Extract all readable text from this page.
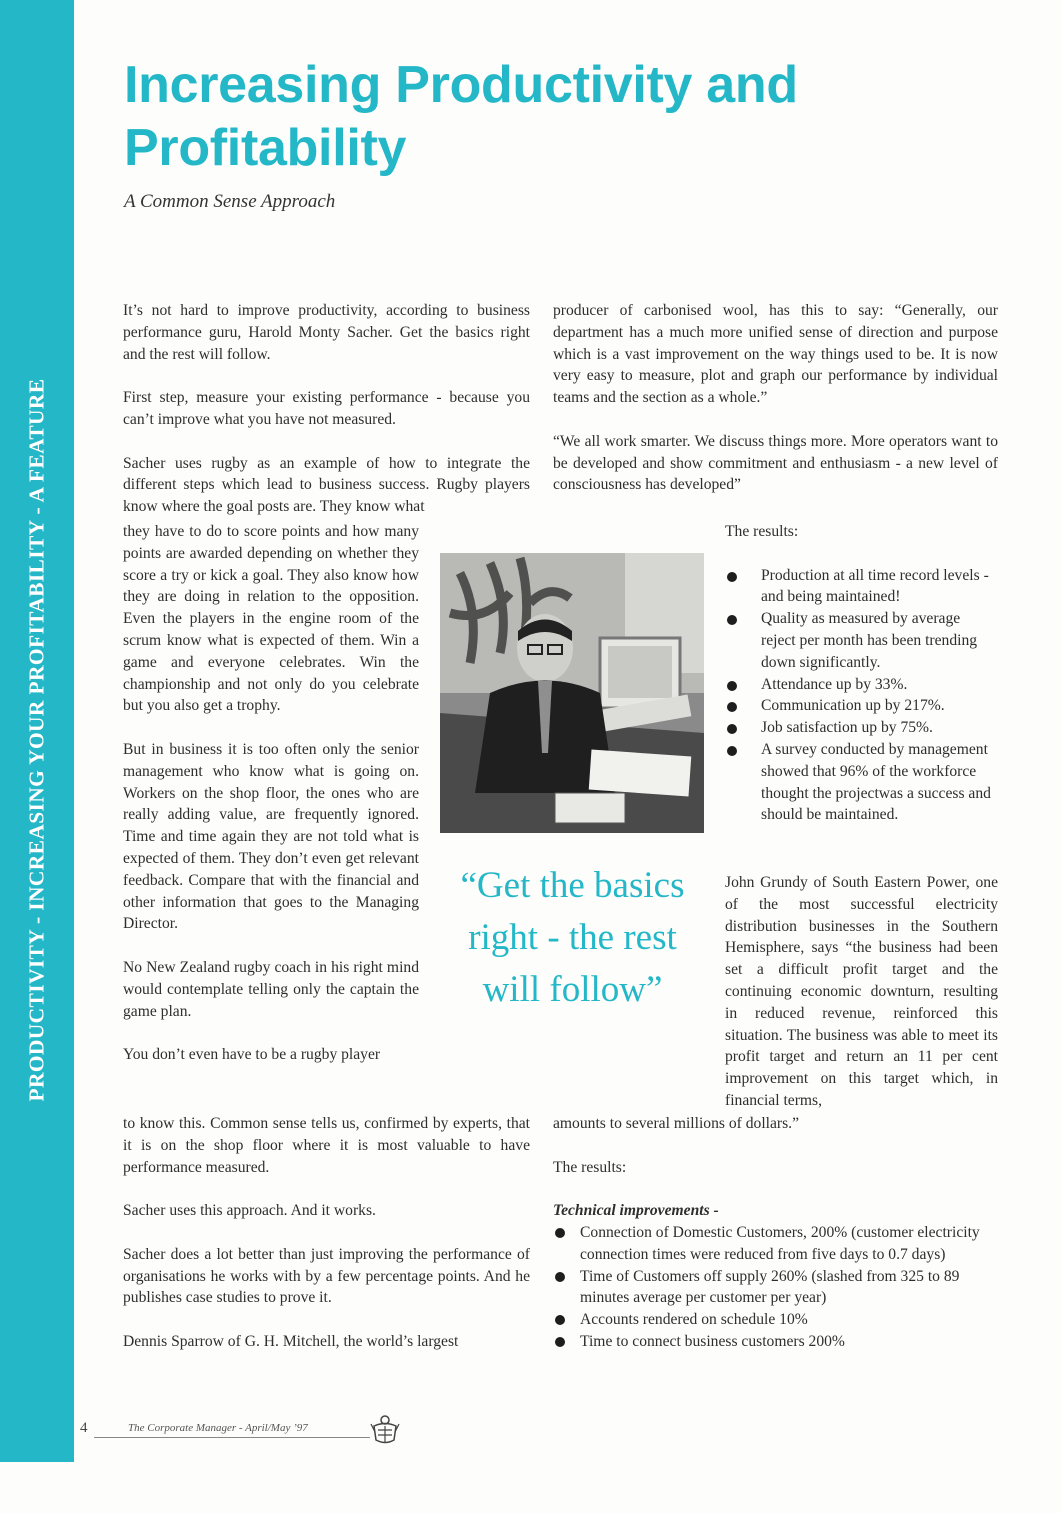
PRODUCTIVITY - INCREASING YOUR PROFITABILITY - A FEATURE
Increasing Productivity and Profitability
A Common Sense Approach

It’s not hard to improve productivity, according to business performance guru, Harold Monty Sacher. Get the basics right and the rest will follow.

First step, measure your existing performance - because you can’t improve what you have not measured.

Sacher uses rugby as an example of how to integrate the different steps which lead to business success. Rugby players know where the goal posts are. They know what

they have to do to score points and how many points are awarded depending on whether they score a try or kick a goal. They also know how they are doing in relation to the opposition. Even the players in the engine room of the scrum know what is expected of them. Win a game and everyone celebrates. Win the championship and not only do you celebrate but you also get a trophy.

But in business it is too often only the senior management who know what is going on. Workers on the shop floor, the ones who are really adding value, are frequently ignored. Time and time again they are not told what is expected of them. They don’t even get relevant feedback. Compare that with the financial and other information that goes to the Managing Director.

No New Zealand rugby coach in his right mind would contemplate telling only the captain the game plan.

You don’t even have to be a rugby player

to know this. Common sense tells us, confirmed by experts, that it is on the shop floor where it is most valuable to have performance measured.

Sacher uses this approach. And it works.

Sacher does a lot better than just improving the performance of organisations he works with by a few percentage points. And he publishes case studies to prove it.

Dennis Sparrow of G. H. Mitchell, the world’s largest

producer of carbonised wool, has this to say: “Generally, our department has a much more unified sense of direction and purpose which is a vast improvement on the way things used to be. It is now very easy to measure, plot and graph our performance by individual teams and the section as a whole.”

“We all work smarter. We discuss things more. More operators want to be developed and show commitment and enthusiasm - a new level of consciousness has developed”

The results:

Production at all time record levels - and being maintained!
Quality as measured by average reject per month has been trending down significantly.
Attendance up by 33%.
Communication up by 217%.
Job satisfaction up by 75%.
A survey conducted by management showed that 96% of the workforce thought the projectwas a success and should be maintained.

John Grundy of South Eastern Power, one of the most successful electricity distribution businesses in the Southern Hemisphere, says “the business had been set a difficult profit target and the continuing economic downturn, resulting in reduced revenue, reinforced this situation. The business was able to meet its profit target and return an 11 per cent improvement on this target which, in financial terms,

amounts to several millions of dollars.”

The results:

Technical improvements -

Connection of Domestic Customers, 200% (customer electricity connection times were reduced from five days to 0.7 days)
Time of Customers off supply 260% (slashed from 325 to 89 minutes average per customer per year)
Accounts rendered on schedule 10%
Time to connect business customers 200%
“Get the basics right - the rest will follow”
4	The Corporate Manager - April/May ’97
